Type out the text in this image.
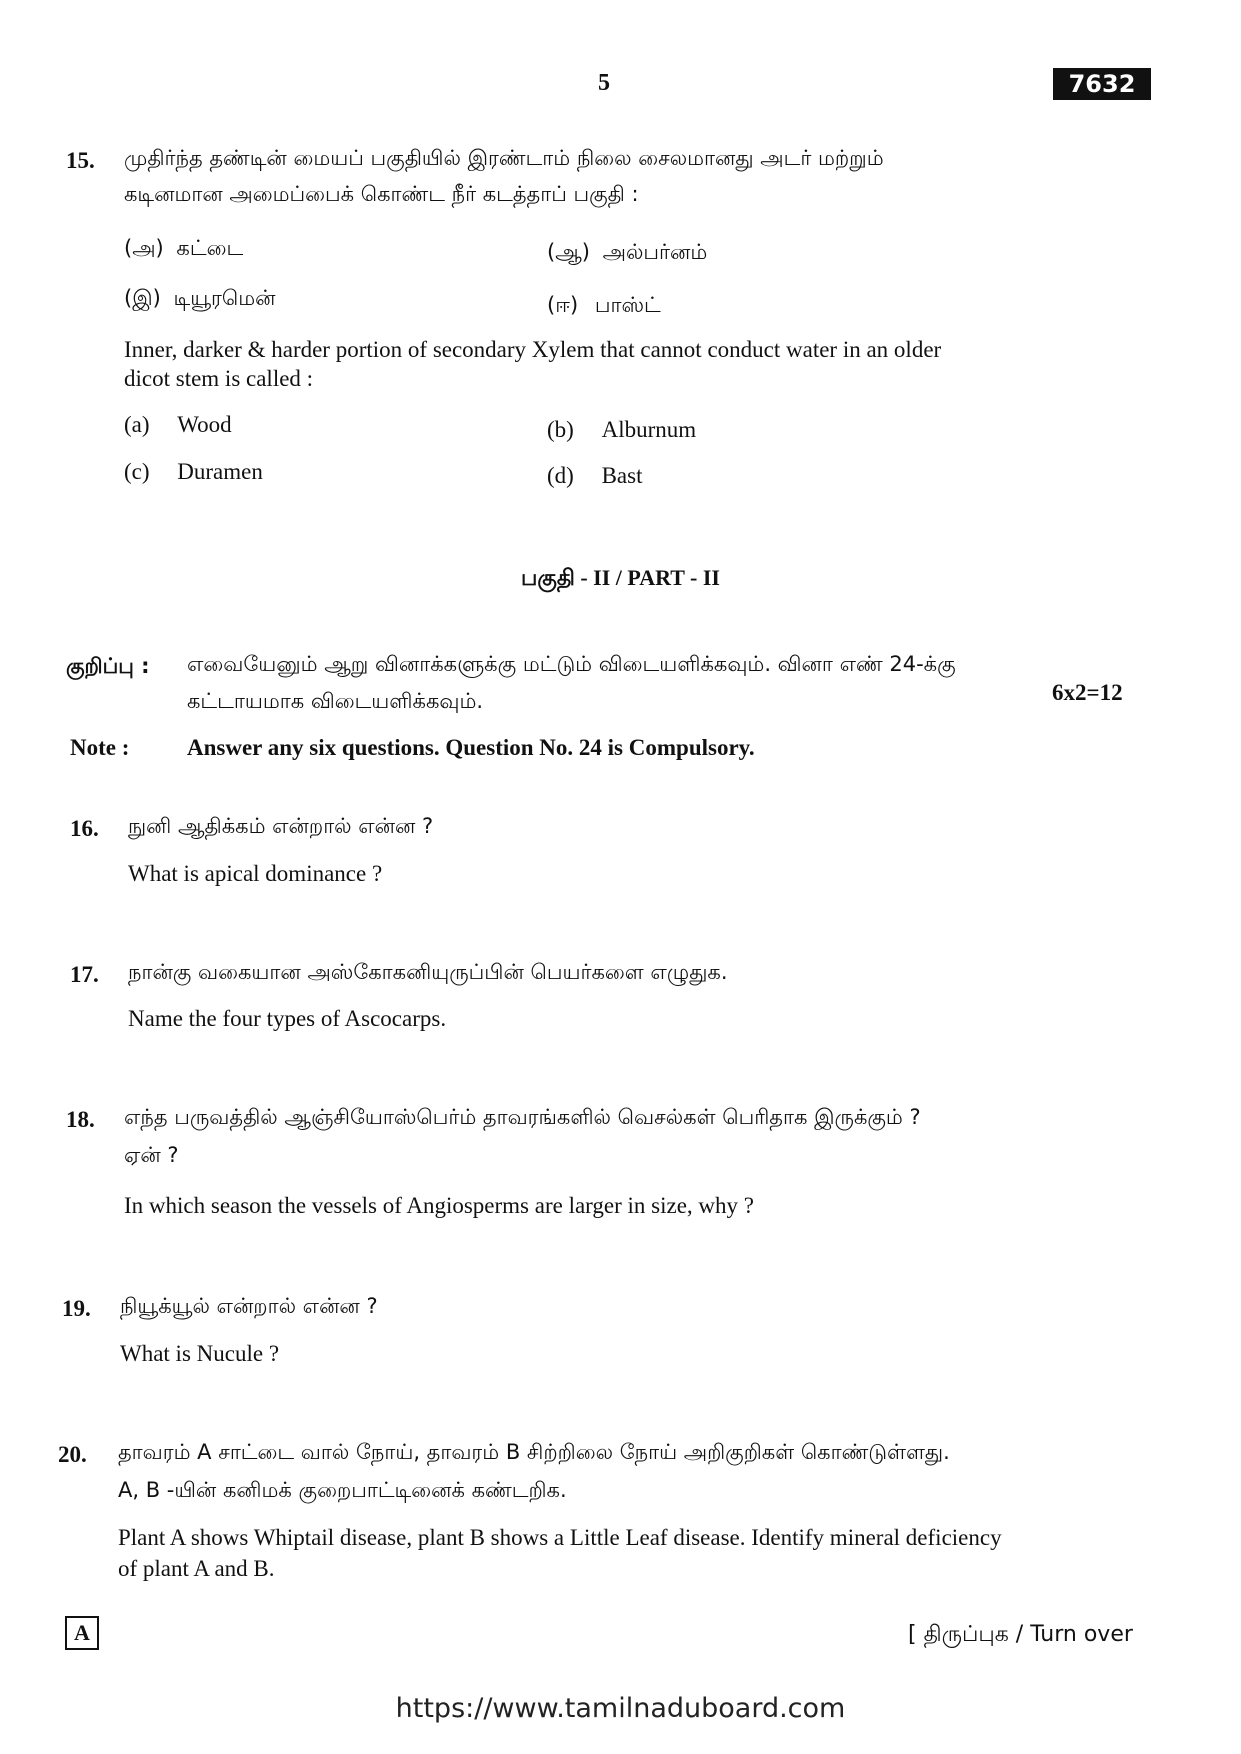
5	7632
15. முதிர்ந்த தண்டின் மையப் பகுதியில் இரண்டாம் நிலை சைலமானது அடர் மற்றும்
கடினமான அமைப்பைக் கொண்ட நீர் கடத்தாப் பகுதி :
(அ) கட்டை	(ஆ) அல்பர்னம்
(இ) டியூரமென்	(ஈ) பாஸ்ட்
Inner, darker & harder portion of secondary Xylem that cannot conduct water in an older
dicot stem is called :
(a) Wood	(b) Alburnum
(c) Duramen	(d) Bast
பகுதி - II / PART - II
குறிப்பு : எவையேனும் ஆறு வினாக்களுக்கு மட்டும் விடையளிக்கவும். வினா எண் 24-க்கு
கட்டாயமாக விடையளிக்கவும்.	6x2=12
Note :	Answer any six questions. Question No. 24 is Compulsory.
16. நுனி ஆதிக்கம் என்றால் என்ன ?
What is apical dominance ?
17. நான்கு வகையான அஸ்கோகனியுருப்பின் பெயர்களை எழுதுக.
Name the four types of Ascocarps.
18. எந்த பருவத்தில் ஆஞ்சியோஸ்பெர்ம் தாவரங்களில் வெசல்கள் பெரிதாக இருக்கும் ?
ஏன் ?
In which season the vessels of Angiosperms are larger in size, why ?
19. நியூக்யூல் என்றால் என்ன ?
What is Nucule ?
20. தாவரம் A சாட்டை வால் நோய், தாவரம் B சிற்றிலை நோய் அறிகுறிகள் கொண்டுள்ளது.
A, B -யின் கனிமக் குறைபாட்டினைக் கண்டறிக.
Plant A shows Whiptail disease, plant B shows a Little Leaf disease. Identify mineral deficiency
of plant A and B.
A	[ திருப்புக / Turn over
https://www.tamilnaduboard.com
